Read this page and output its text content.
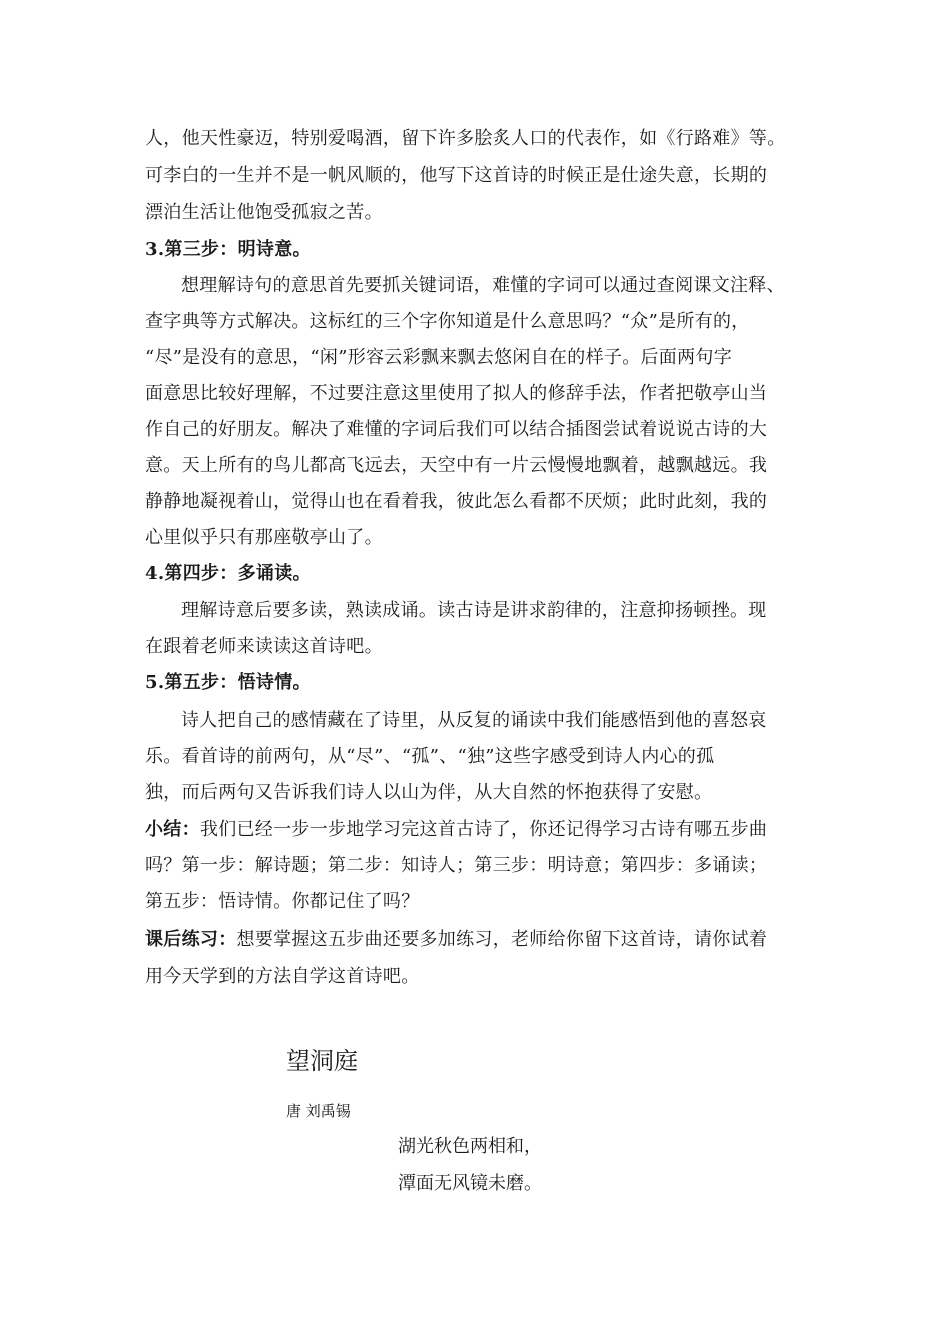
人，他天性豪迈，特别爱喝酒，留下许多脍炙人口的代表作，如《行路难》等。
可李白的一生并不是一帆风顺的，他写下这首诗的时候正是仕途失意，长期的
漂泊生活让他饱受孤寂之苦。
3.第三步：明诗意。
想理解诗句的意思首先要抓关键词语，难懂的字词可以通过查阅课文注释、
查字典等方式解决。这标红的三个字你知道是什么意思吗？“众”是所有的，
“尽”是没有的意思，“闲”形容云彩飘来飘去悠闲自在的样子。后面两句字
面意思比较好理解，不过要注意这里使用了拟人的修辞手法，作者把敬亭山当
作自己的好朋友。解决了难懂的字词后我们可以结合插图尝试着说说古诗的大
意。天上所有的鸟儿都高飞远去，天空中有一片云慢慢地飘着，越飘越远。我
静静地凝视着山，觉得山也在看着我，彼此怎么看都不厌烦；此时此刻，我的
心里似乎只有那座敬亭山了。
4.第四步：多诵读。
理解诗意后要多读，熟读成诵。读古诗是讲求韵律的，注意抑扬顿挫。现
在跟着老师来读读这首诗吧。
5.第五步：悟诗情。
诗人把自己的感情藏在了诗里，从反复的诵读中我们能感悟到他的喜怒哀
乐。看首诗的前两句，从“尽”、“孤”、“独”这些字感受到诗人内心的孤
独，而后两句又告诉我们诗人以山为伴，从大自然的怀抱获得了安慰。
小结：我们已经一步一步地学习完这首古诗了，你还记得学习古诗有哪五步曲
吗？第一步：解诗题；第二步：知诗人；第三步：明诗意；第四步：多诵读；
第五步：悟诗情。你都记住了吗？
课后练习：想要掌握这五步曲还要多加练习，老师给你留下这首诗，请你试着
用今天学到的方法自学这首诗吧。
望洞庭
唐 刘禹锡
湖光秋色两相和，
潭面无风镜未磨。
